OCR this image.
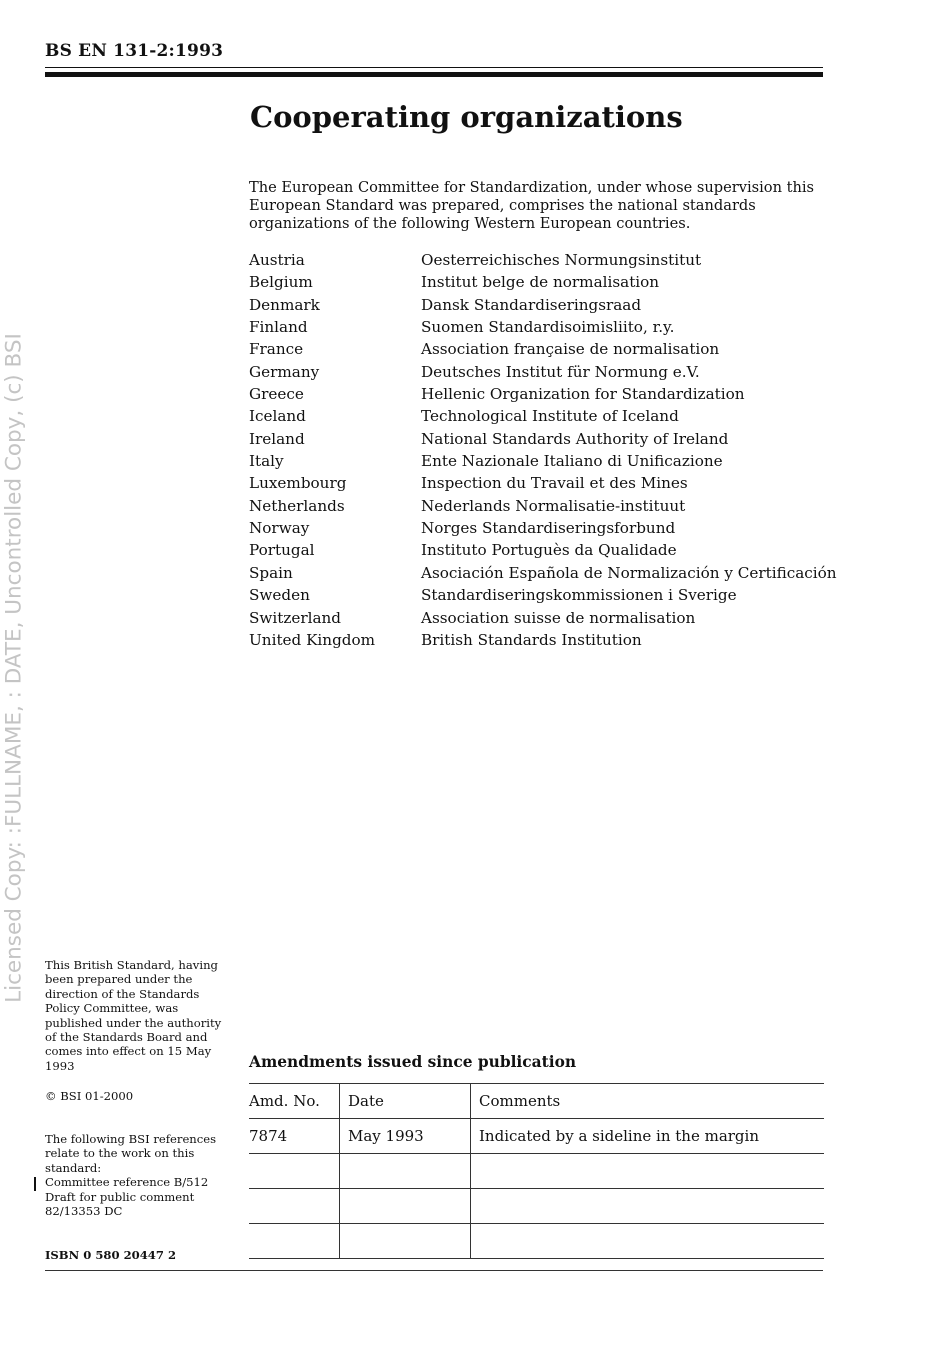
BS EN 131-2:1993
Licensed Copy: :FULLNAME, : DATE, Uncontrolled Copy, (c) BSI
Cooperating organizations

The European Committee for Standardization, under whose supervision this European Standard was prepared, comprises the national standards organizations of the following Western European countries.

Austria	Oesterreichisches Normungsinstitut
Belgium	Institut belge de normalisation
Denmark	Dansk Standardiseringsraad
Finland	Suomen Standardisoimisliito, r.y.
France	Association française de normalisation
Germany	Deutsches Institut für Normung e.V.
Greece	Hellenic Organization for Standardization
Iceland	Technological Institute of Iceland
Ireland	National Standards Authority of Ireland
Italy	Ente Nazionale Italiano di Unificazione
Luxembourg	Inspection du Travail et des Mines
Netherlands	Nederlands Normalisatie-instituut
Norway	Norges Standardiseringsforbund
Portugal	Instituto Portuguès da Qualidade
Spain	Asociación Española de Normalización y Certificación
Sweden	Standardiseringskommissionen i Sverige
Switzerland	Association suisse de normalisation
United Kingdom	British Standards Institution
This British Standard, having been prepared under the direction of the Standards Policy Committee, was published under the authority of the Standards Board and comes into effect on 15 May 1993
© BSI 01-2000
The following BSI references relate to the work on this standard:
Committee reference B/512
Draft for public comment 82/13353 DC
ISBN 0 580 20447 2
Amendments issued since publication
Amd. No.	Date	Comments
7874	May 1993	Indicated by a sideline in the margin
